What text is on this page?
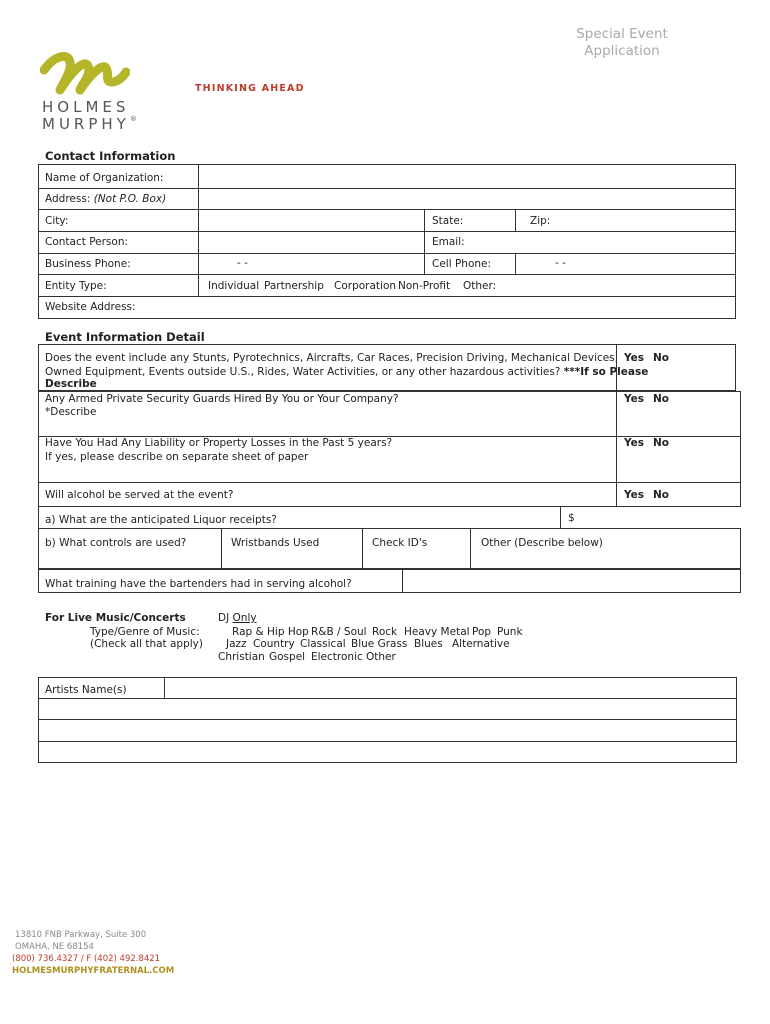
Special Event
Application
HOLMES
MURPHY®
THINKING AHEAD
Contact Information
Name of Organization:
Address: (Not P.O. Box)
City:	State:	Zip:
Contact Person:	Email:
Business Phone:	- -	Cell Phone:	- -
Entity Type:	Individual Partnership Corporation Non-Profit Other:
Website Address:
Event Information Detail
Does the event include any Stunts, Pyrotechnics, Aircrafts, Car Races, Precision Driving, Mechanical Devices,
Owned Equipment, Events outside U.S., Rides, Water Activities, or any other hazardous activities? ***If so Please
Describe
Yes No
Any Armed Private Security Guards Hired By You or Your Company?
*Describe
Yes No
Have You Had Any Liability or Property Losses in the Past 5 years?
If yes, please describe on separate sheet of paper
Yes No
Will alcohol be served at the event?	Yes No
a) What are the anticipated Liquor receipts?	$
b) What controls are used?	Wristbands Used	Check ID's	Other (Describe below)
What training have the bartenders had in serving alcohol?
For Live Music/Concerts
Type/Genre of Music:
(Check all that apply)
DJ Only
Rap & Hip Hop R&B / Soul Rock Heavy Metal Pop Punk
Jazz Country Classical Blue Grass Blues Alternative
Christian Gospel Electronic Other
Artists Name(s)
13810 FNB Parkway, Suite 300
OMAHA, NE 68154
(800) 736.4327 / F (402) 492.8421
HOLMESMURPHYFRATERNAL.COM
